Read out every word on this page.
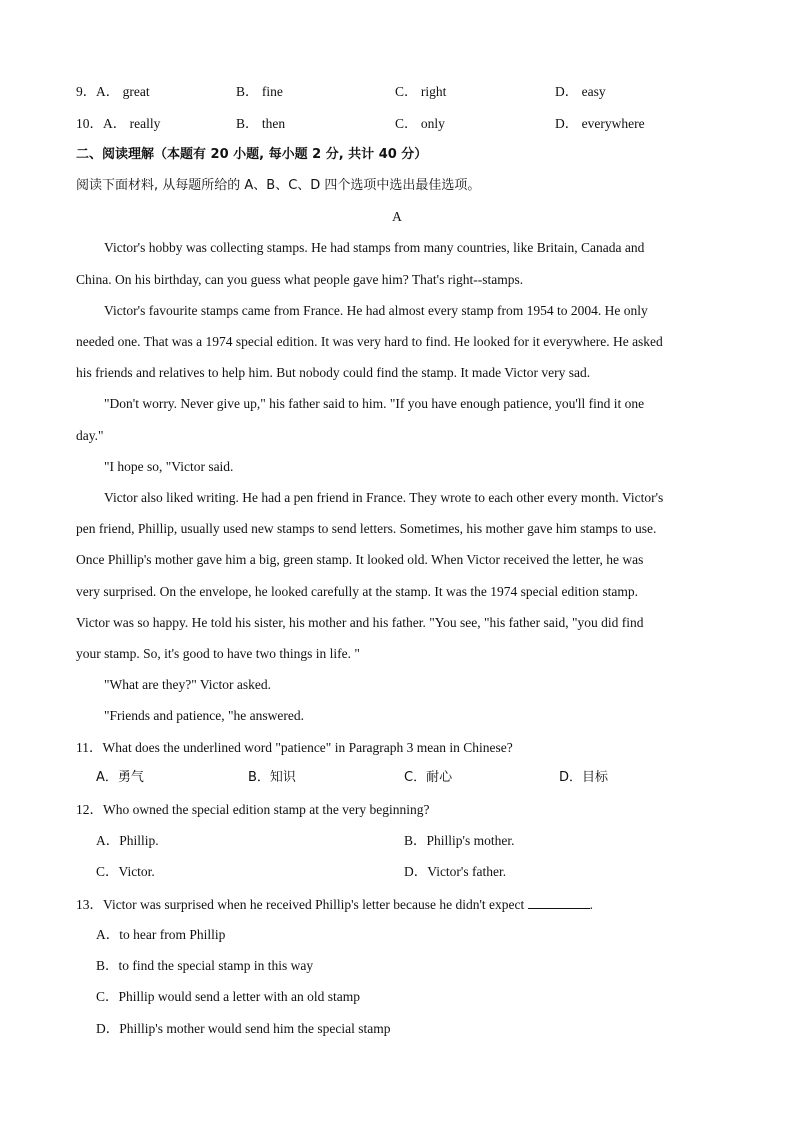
9． A． great	B． fine	C． right	D． easy
10． A． really	B． then	C． only	D． everywhere
二、阅读理解（本题有 20 小题, 每小题 2 分, 共计 40 分）
阅读下面材料, 从每题所给的 A、B、C、D 四个选项中选出最佳选项。
A
Victor's hobby was collecting stamps. He had stamps from many countries, like Britain, Canada and
China. On his birthday, can you guess what people gave him? That's right--stamps.
Victor's favourite stamps came from France. He had almost every stamp from 1954 to 2004. He only
needed one. That was a 1974 special edition. It was very hard to find. He looked for it everywhere. He asked
his friends and relatives to help him. But nobody could find the stamp. It made Victor very sad.
"Don't worry. Never give up," his father said to him. "If you have enough patience, you'll find it one
day."
"I hope so, "Victor said.
Victor also liked writing. He had a pen friend in France. They wrote to each other every month. Victor's
pen friend, Phillip, usually used new stamps to send letters. Sometimes, his mother gave him stamps to use.
Once Phillip's mother gave him a big, green stamp. It looked old. When Victor received the letter, he was
very surprised. On the envelope, he looked carefully at the stamp. It was the 1974 special edition stamp.
Victor was so happy. He told his sister, his mother and his father. "You see, "his father said, "you did find
your stamp. So, it's good to have two things in life. "
"What are they?" Victor asked.
"Friends and patience, "he answered.
11．What does the underlined word "patience" in Paragraph 3 mean in Chinese?
A．勇气	B．知识	C．耐心	D．目标
12．Who owned the special edition stamp at the very beginning?
A．Phillip.	B．Phillip's mother.
C．Victor.	D．Victor's father.
13．Victor was surprised when he received Phillip's letter because he didn't expect	.
A．to hear from Phillip
B．to find the special stamp in this way
C．Phillip would send a letter with an old stamp
D．Phillip's mother would send him the special stamp
